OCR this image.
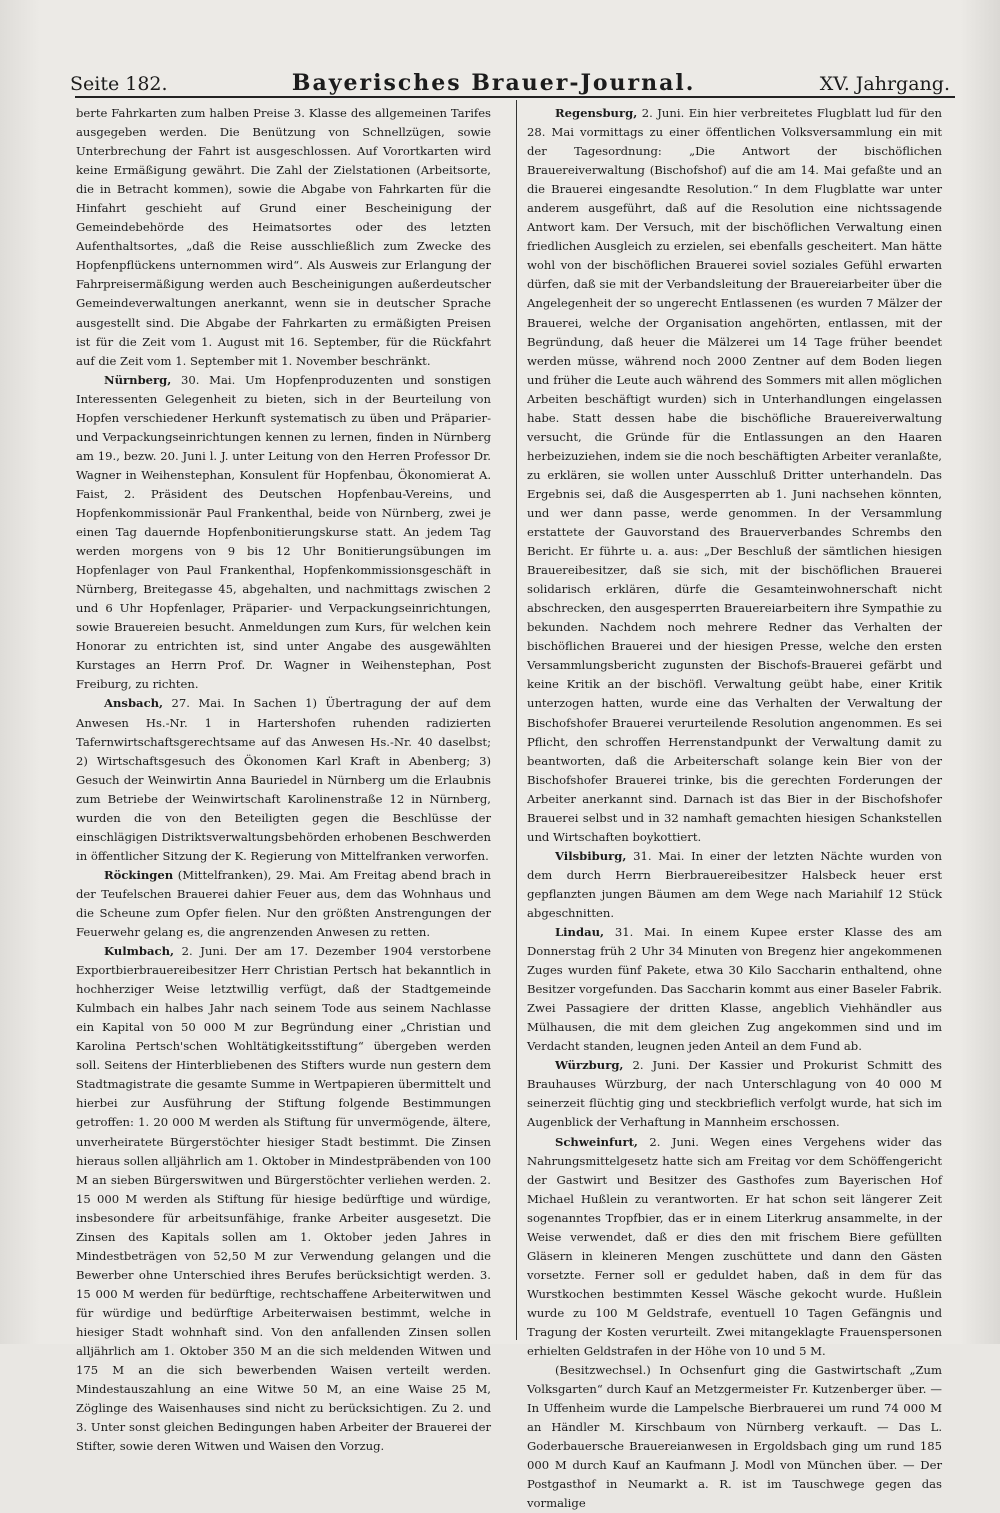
Seite 182.	Bayerisches Brauer-Journal.	XV. Jahrgang.

berte Fahrkarten zum halben Preise 3. Klasse des allgemeinen Tarifes ausgegeben werden. Die Benützung von Schnellzügen, sowie Unterbrechung der Fahrt ist ausgeschlossen. Auf Vorortkarten wird keine Ermäßigung gewährt. Die Zahl der Zielstationen (Arbeitsorte, die in Betracht kommen), sowie die Abgabe von Fahrkarten für die Hinfahrt geschieht auf Grund einer Bescheinigung der Gemeindebehörde des Heimatsortes oder des letzten Aufenthaltsortes, „daß die Reise ausschließlich zum Zwecke des Hopfenpflückens unternommen wird“. Als Ausweis zur Erlangung der Fahrpreisermäßigung werden auch Bescheinigungen außerdeutscher Gemeindeverwaltungen anerkannt, wenn sie in deutscher Sprache ausgestellt sind. Die Abgabe der Fahrkarten zu ermäßigten Preisen ist für die Zeit vom 1. August mit 16. September, für die Rückfahrt auf die Zeit vom 1. September mit 1. November beschränkt.

Nürnberg, 30. Mai. Um Hopfenproduzenten und sonstigen Interessenten Gelegenheit zu bieten, sich in der Beurteilung von Hopfen verschiedener Herkunft systematisch zu üben und Präparier- und Verpackungseinrichtungen kennen zu lernen, finden in Nürnberg am 19., bezw. 20. Juni l. J. unter Leitung von den Herren Professor Dr. Wagner in Weihenstephan, Konsulent für Hopfenbau, Ökonomierat A. Faist, 2. Präsident des Deutschen Hopfenbau-Vereins, und Hopfenkommissionär Paul Frankenthal, beide von Nürnberg, zwei je einen Tag dauernde Hopfenbonitierungskurse statt. An jedem Tag werden morgens von 9 bis 12 Uhr Bonitierungsübungen im Hopfenlager von Paul Frankenthal, Hopfenkommissionsgeschäft in Nürnberg, Breitegasse 45, abgehalten, und nachmittags zwischen 2 und 6 Uhr Hopfenlager, Präparier- und Verpackungseinrichtungen, sowie Brauereien besucht. Anmeldungen zum Kurs, für welchen kein Honorar zu entrichten ist, sind unter Angabe des ausgewählten Kurstages an Herrn Prof. Dr. Wagner in Weihenstephan, Post Freiburg, zu richten.

Ansbach, 27. Mai. In Sachen 1) Übertragung der auf dem Anwesen Hs.-Nr. 1 in Hartershofen ruhenden radizierten Tafernwirtschaftsgerechtsame auf das Anwesen Hs.-Nr. 40 daselbst; 2) Wirtschaftsgesuch des Ökonomen Karl Kraft in Abenberg; 3) Gesuch der Weinwirtin Anna Bauriedel in Nürnberg um die Erlaubnis zum Betriebe der Weinwirtschaft Karolinenstraße 12 in Nürnberg, wurden die von den Beteiligten gegen die Beschlüsse der einschlägigen Distriktsverwaltungsbehörden erhobenen Beschwerden in öffentlicher Sitzung der K. Regierung von Mittelfranken verworfen.

Röckingen (Mittelfranken), 29. Mai. Am Freitag abend brach in der Teufelschen Brauerei dahier Feuer aus, dem das Wohnhaus und die Scheune zum Opfer fielen. Nur den größten Anstrengungen der Feuerwehr gelang es, die angrenzenden Anwesen zu retten.

Kulmbach, 2. Juni. Der am 17. Dezember 1904 verstorbene Exportbierbrauereibesitzer Herr Christian Pertsch hat bekanntlich in hochherziger Weise letztwillig verfügt, daß der Stadtgemeinde Kulmbach ein halbes Jahr nach seinem Tode aus seinem Nachlasse ein Kapital von 50 000 M zur Begründung einer „Christian und Karolina Pertsch'schen Wohltätigkeitsstiftung“ übergeben werden soll. Seitens der Hinterbliebenen des Stifters wurde nun gestern dem Stadtmagistrate die gesamte Summe in Wertpapieren übermittelt und hierbei zur Ausführung der Stiftung folgende Bestimmungen getroffen: 1. 20 000 M werden als Stiftung für unvermögende, ältere, unverheiratete Bürgerstöchter hiesiger Stadt bestimmt. Die Zinsen hieraus sollen alljährlich am 1. Oktober in Mindestpräbenden von 100 M an sieben Bürgerswitwen und Bürgerstöchter verliehen werden. 2. 15 000 M werden als Stiftung für hiesige bedürftige und würdige, insbesondere für arbeitsunfähige, franke Arbeiter ausgesetzt. Die Zinsen des Kapitals sollen am 1. Oktober jeden Jahres in Mindestbeträgen von 52,50 M zur Verwendung gelangen und die Bewerber ohne Unterschied ihres Berufes berücksichtigt werden. 3. 15 000 M werden für bedürftige, rechtschaffene Arbeiterwitwen und für würdige und bedürftige Arbeiterwaisen bestimmt, welche in hiesiger Stadt wohnhaft sind. Von den anfallenden Zinsen sollen alljährlich am 1. Oktober 350 M an die sich meldenden Witwen und 175 M an die sich bewerbenden Waisen verteilt werden. Mindestauszahlung an eine Witwe 50 M, an eine Waise 25 M, Zöglinge des Waisenhauses sind nicht zu berücksichtigen. Zu 2. und 3. Unter sonst gleichen Bedingungen haben Arbeiter der Brauerei der Stifter, sowie deren Witwen und Waisen den Vorzug.

Regensburg, 2. Juni. Ein hier verbreitetes Flugblatt lud für den 28. Mai vormittags zu einer öffentlichen Volksversammlung ein mit der Tagesordnung: „Die Antwort der bischöflichen Brauereiverwaltung (Bischofshof) auf die am 14. Mai gefaßte und an die Brauerei eingesandte Resolution.“ In dem Flugblatte war unter anderem ausgeführt, daß auf die Resolution eine nichtssagende Antwort kam. Der Versuch, mit der bischöflichen Verwaltung einen friedlichen Ausgleich zu erzielen, sei ebenfalls gescheitert. Man hätte wohl von der bischöflichen Brauerei soviel soziales Gefühl erwarten dürfen, daß sie mit der Verbandsleitung der Brauereiarbeiter über die Angelegenheit der so ungerecht Entlassenen (es wurden 7 Mälzer der Brauerei, welche der Organisation angehörten, entlassen, mit der Begründung, daß heuer die Mälzerei um 14 Tage früher beendet werden müsse, während noch 2000 Zentner auf dem Boden liegen und früher die Leute auch während des Sommers mit allen möglichen Arbeiten beschäftigt wurden) sich in Unterhandlungen eingelassen habe. Statt dessen habe die bischöfliche Brauereiverwaltung versucht, die Gründe für die Entlassungen an den Haaren herbeizuziehen, indem sie die noch beschäftigten Arbeiter veranlaßte, zu erklären, sie wollen unter Ausschluß Dritter unterhandeln. Das Ergebnis sei, daß die Ausgesperrten ab 1. Juni nachsehen könnten, und wer dann passe, werde genommen. In der Versammlung erstattete der Gauvorstand des Brauerverbandes Schrembs den Bericht. Er führte u. a. aus: „Der Beschluß der sämtlichen hiesigen Brauereibesitzer, daß sie sich, mit der bischöflichen Brauerei solidarisch erklären, dürfe die Gesamteinwohnerschaft nicht abschrecken, den ausgesperrten Brauereiarbeitern ihre Sympathie zu bekunden. Nachdem noch mehrere Redner das Verhalten der bischöflichen Brauerei und der hiesigen Presse, welche den ersten Versammlungsbericht zugunsten der Bischofs-Brauerei gefärbt und keine Kritik an der bischöfl. Verwaltung geübt habe, einer Kritik unterzogen hatten, wurde eine das Verhalten der Verwaltung der Bischofshofer Brauerei verurteilende Resolution angenommen. Es sei Pflicht, den schroffen Herrenstandpunkt der Verwaltung damit zu beantworten, daß die Arbeiterschaft solange kein Bier von der Bischofshofer Brauerei trinke, bis die gerechten Forderungen der Arbeiter anerkannt sind. Darnach ist das Bier in der Bischofshofer Brauerei selbst und in 32 namhaft gemachten hiesigen Schankstellen und Wirtschaften boykottiert.

Vilsbiburg, 31. Mai. In einer der letzten Nächte wurden von dem durch Herrn Bierbrauereibesitzer Halsbeck heuer erst gepflanzten jungen Bäumen am dem Wege nach Mariahilf 12 Stück abgeschnitten.

Lindau, 31. Mai. In einem Kupee erster Klasse des am Donnerstag früh 2 Uhr 34 Minuten von Bregenz hier angekommenen Zuges wurden fünf Pakete, etwa 30 Kilo Saccharin enthaltend, ohne Besitzer vorgefunden. Das Saccharin kommt aus einer Baseler Fabrik. Zwei Passagiere der dritten Klasse, angeblich Viehhändler aus Mülhausen, die mit dem gleichen Zug angekommen sind und im Verdacht standen, leugnen jeden Anteil an dem Fund ab.

Würzburg, 2. Juni. Der Kassier und Prokurist Schmitt des Brauhauses Würzburg, der nach Unterschlagung von 40 000 M seinerzeit flüchtig ging und steckbrieflich verfolgt wurde, hat sich im Augenblick der Verhaftung in Mannheim erschossen.

Schweinfurt, 2. Juni. Wegen eines Vergehens wider das Nahrungsmittelgesetz hatte sich am Freitag vor dem Schöffengericht der Gastwirt und Besitzer des Gasthofes zum Bayerischen Hof Michael Hußlein zu verantworten. Er hat schon seit längerer Zeit sogenanntes Tropfbier, das er in einem Literkrug ansammelte, in der Weise verwendet, daß er dies den mit frischem Biere gefüllten Gläsern in kleineren Mengen zuschüttete und dann den Gästen vorsetzte. Ferner soll er geduldet haben, daß in dem für das Wurstkochen bestimmten Kessel Wäsche gekocht wurde. Hußlein wurde zu 100 M Geldstrafe, eventuell 10 Tagen Gefängnis und Tragung der Kosten verurteilt. Zwei mitangeklagte Frauenspersonen erhielten Geldstrafen in der Höhe von 10 und 5 M.

(Besitzwechsel.) In Ochsenfurt ging die Gastwirtschaft „Zum Volksgarten“ durch Kauf an Metzgermeister Fr. Kutzenberger über. — In Uffenheim wurde die Lampelsche Bierbrauerei um rund 74 000 M an Händler M. Kirschbaum von Nürnberg verkauft. — Das L. Goderbauersche Brauereianwesen in Ergoldsbach ging um rund 185 000 M durch Kauf an Kaufmann J. Modl von München über. — Der Postgasthof in Neumarkt a. R. ist im Tauschwege gegen das vormalige
